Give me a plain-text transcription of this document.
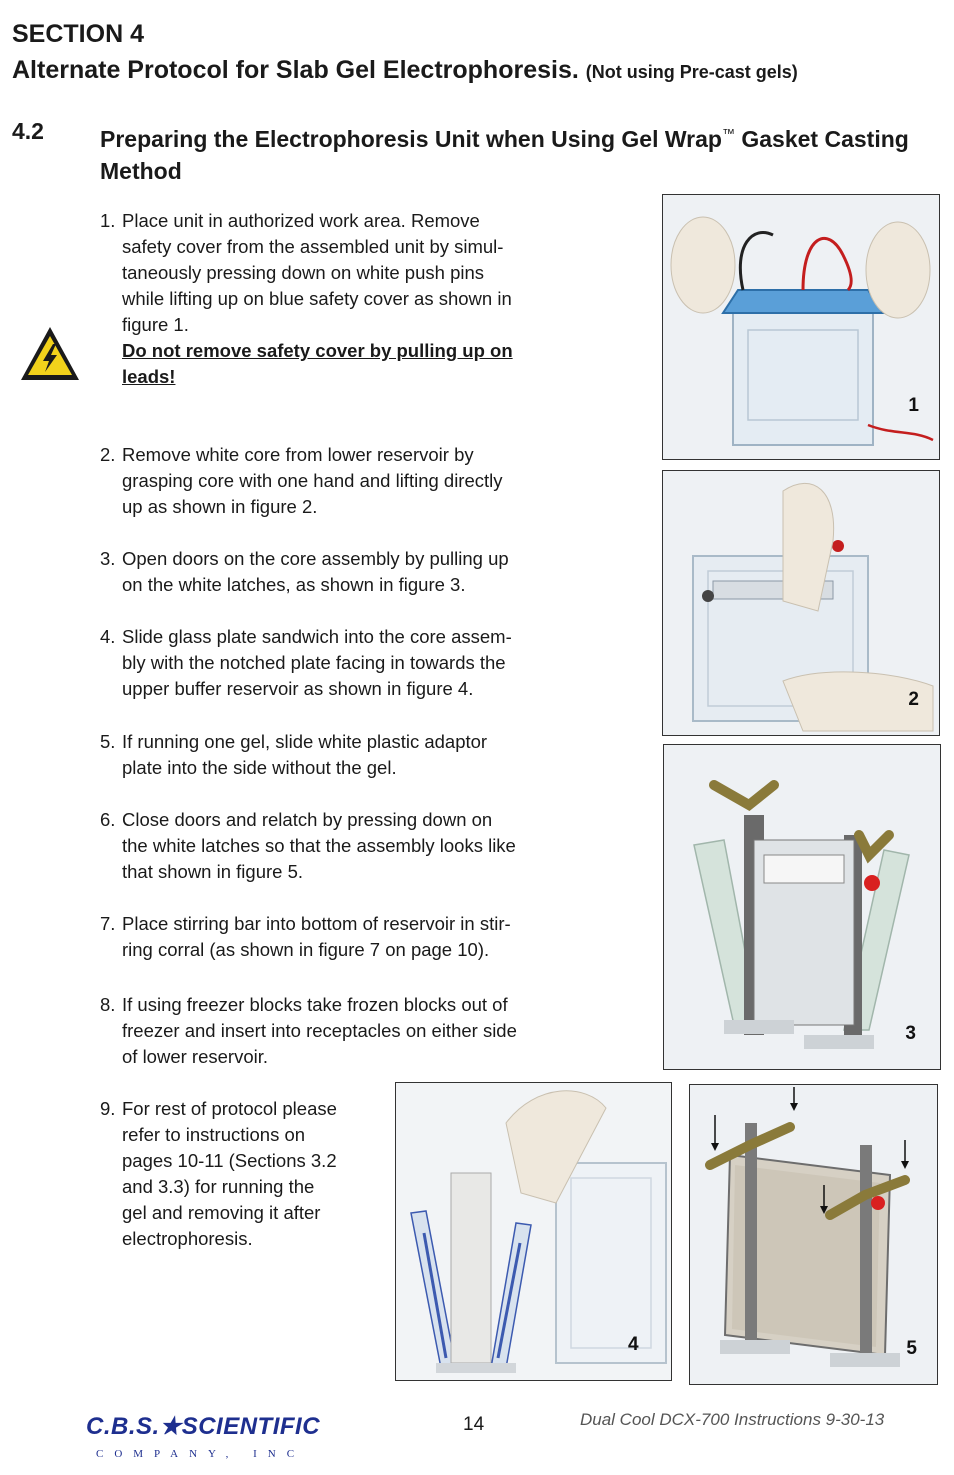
SECTION 4
Alternate Protocol for Slab Gel Electrophoresis. (Not using Pre-cast gels)
4.2 Preparing the Electrophoresis Unit when Using Gel Wrap™ Gasket Casting Method
1. Place unit in authorized work area. Remove
safety cover from the assembled unit by simul-
taneously pressing down on white push pins
while lifting up on blue safety cover as shown in
figure 1.
Do not remove safety cover by pulling up on
leads!
2. Remove white core from lower reservoir by
grasping core with one hand and lifting directly
up as shown in figure 2.
3. Open doors on the core assembly by pulling up
on the white latches, as shown in figure 3.
4. Slide glass plate sandwich into the core assem-
bly with the notched plate facing in towards the
upper buffer reservoir as shown in figure 4.
5. If running one gel, slide white plastic adaptor
plate into the side without the gel.
6. Close doors and relatch by pressing down on
the white latches so that the assembly looks like
that shown in figure 5.
7. Place stirring bar into bottom of reservoir in stir-
ring corral (as shown in figure 7 on page 10).
8. If using freezer blocks take frozen blocks out of
freezer and insert into receptacles on either side
of lower reservoir.
9. For rest of protocol please
refer to instructions on
pages 10-11 (Sections 3.2
and 3.3) for running the
gel and removing it after
electrophoresis.
1
2
3
4	5
C.B.S.★SCIENTIFIC
COMPANY, INC
14	Dual Cool DCX-700 Instructions 9-30-13
